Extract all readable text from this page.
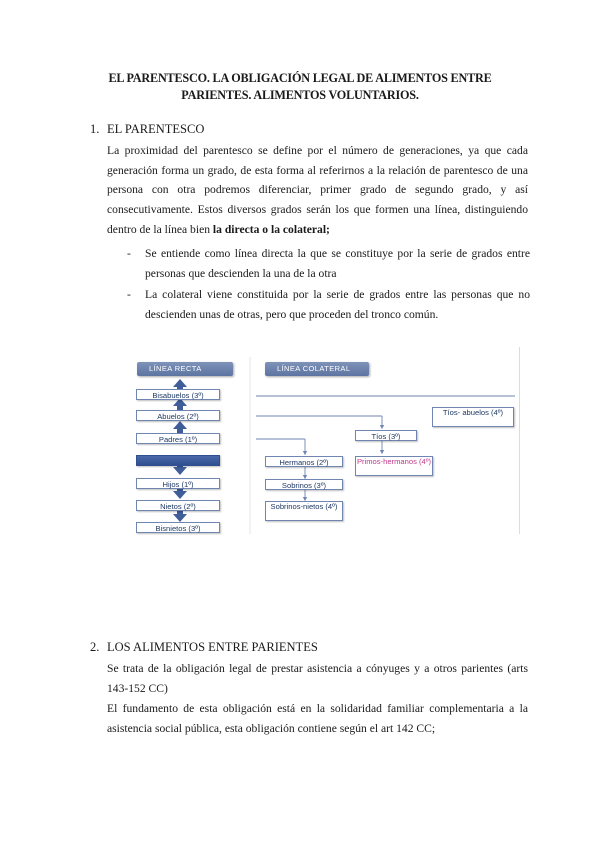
EL PARENTESCO. LA OBLIGACIÓN LEGAL DE ALIMENTOS ENTRE
PARIENTES. ALIMENTOS VOLUNTARIOS.
1. EL PARENTESCO
La proximidad del parentesco se define por el número de generaciones, ya que cada generación forma un grado, de esta forma al referirnos a la relación de parentesco de una persona con otra podremos diferenciar, primer grado de segundo grado, y así consecutivamente. Estos diversos grados serán los que formen una línea, distinguiendo dentro de la línea bien la directa o la colateral;
- Se entiende como línea directa la que se constituye por la serie de grados entre personas que descienden la una de la otra
- La colateral viene constituida por la serie de grados entre las personas que no descienden unas de otras, pero que proceden del tronco común.
LÍNEA RECTA	LÍNEA COLATERAL
Bisabuelos (3º)
Abuelos (2º)
Padres (1º)
Hijos (1º)
Nietos (2º)
Bisnietos (3º)
Hermanos (2º)
Sobrinos (3º)
Sobrinos-nietos (4º)
Tíos (3º)
Primos-hermanos (4º)
Tíos- abuelos (4º)
2. LOS ALIMENTOS ENTRE PARIENTES
Se trata de la obligación legal de prestar asistencia a cónyuges y a otros parientes (arts 143-152 CC)
El fundamento de esta obligación está en la solidaridad familiar complementaria a la asistencia social pública, esta obligación contiene según el art 142 CC;
